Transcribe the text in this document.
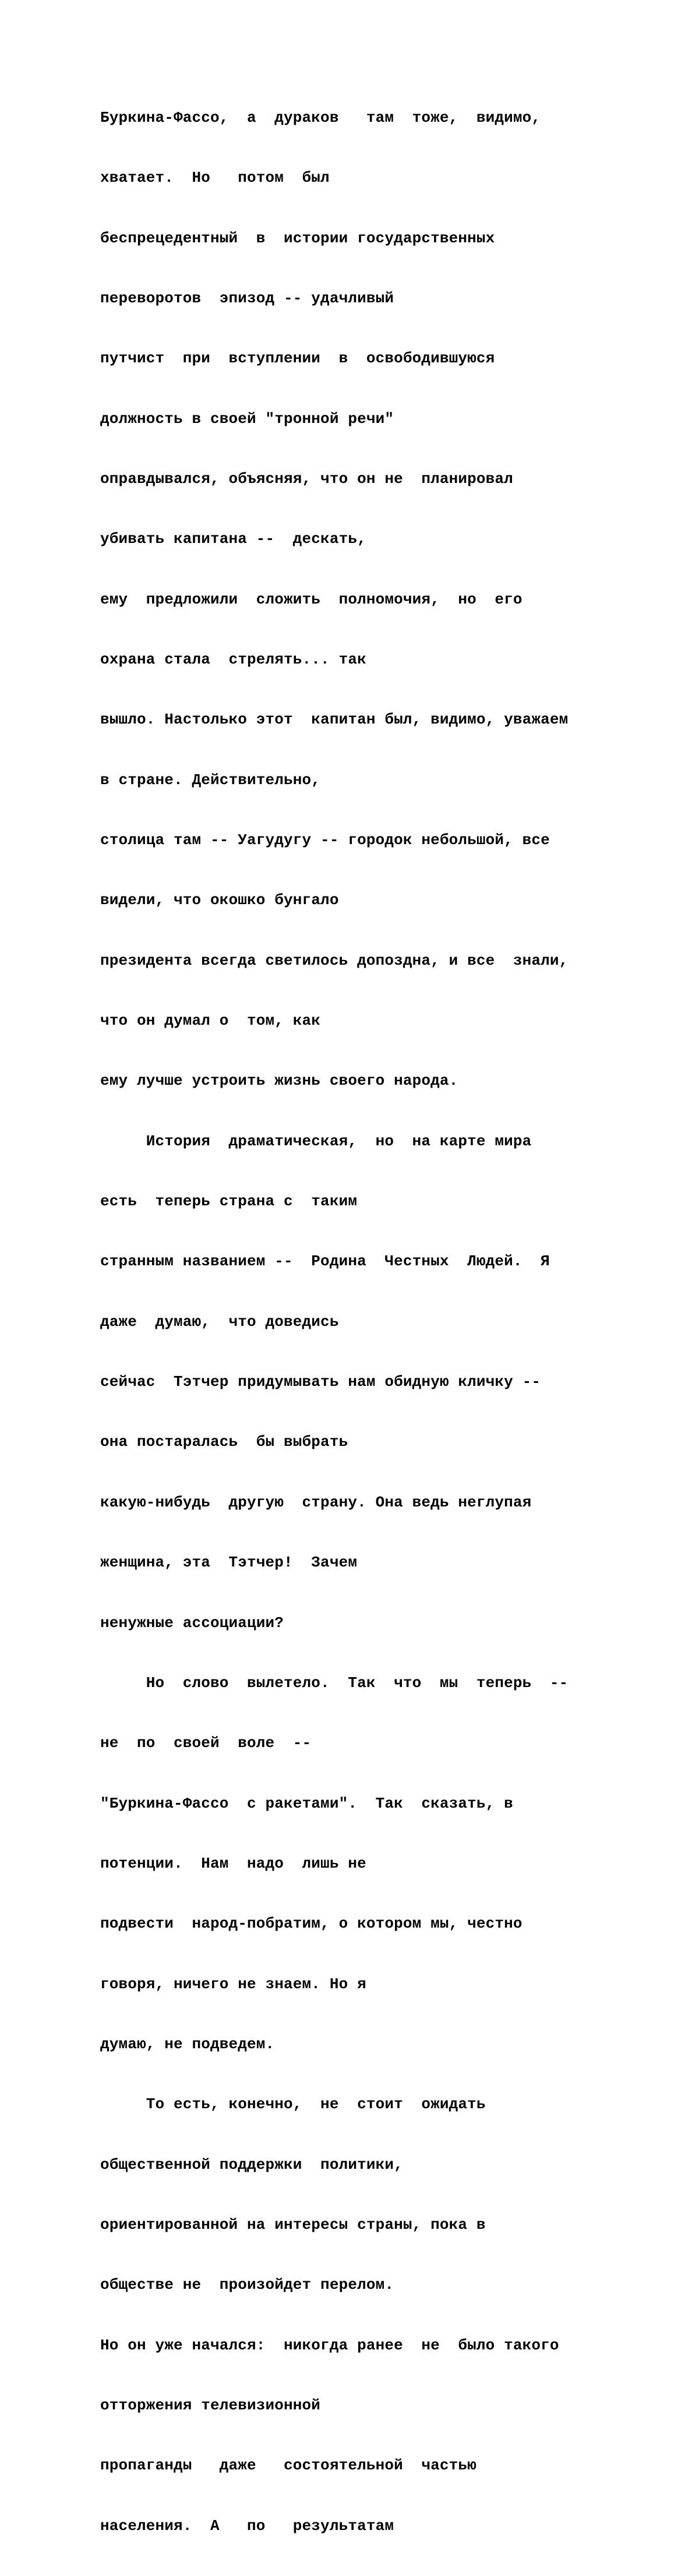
Буркина-Фассо,  а  дураков   там  тоже,  видимо,

хватает.  Но   потом  был

беспрецедентный  в  истории государственных

переворотов  эпизод -- удачливый

путчист  при  вступлении  в  освободившуюся

должность в своей "тронной речи"

оправдывался, объясняя, что он не  планировал

убивать капитана --  дескать,

ему  предложили  сложить  полномочия,  но  его

охрана стала  стрелять... так

вышло. Настолько этот  капитан был, видимо, уважаем

в стране. Действительно,

столица там -- Уагудугу -- городок небольшой, все

видели, что окошко бунгало

президента всегда светилось допоздна, и все  знали,

что он думал о  том, как

ему лучше устроить жизнь своего народа.

История  драматическая,  но  на карте мира

есть  теперь страна с  таким

странным названием --  Родина  Честных  Людей.  Я

даже  думаю,  что доведись

сейчас  Тэтчер придумывать нам обидную кличку --

она постаралась  бы выбрать

какую-нибудь  другую  страну. Она ведь неглупая

женщина, эта  Тэтчер!  Зачем

ненужные ассоциации?

Но  слово  вылетело.  Так  что  мы  теперь  --

не  по  своей  воле  --

"Буркина-Фассо  с ракетами".  Так  сказать, в

потенции.  Нам  надо  лишь не

подвести  народ-побратим, о котором мы, честно

говоря, ничего не знаем. Но я

думаю, не подведем.

То есть, конечно,  не  стоит  ожидать

общественной поддержки  политики,

ориентированной на интересы страны, пока в

обществе не  произойдет перелом.

Но он уже начался:  никогда ранее  не  было такого

отторжения телевизионной

пропаганды   даже   состоятельной  частью

населения.  А   по   результатам
